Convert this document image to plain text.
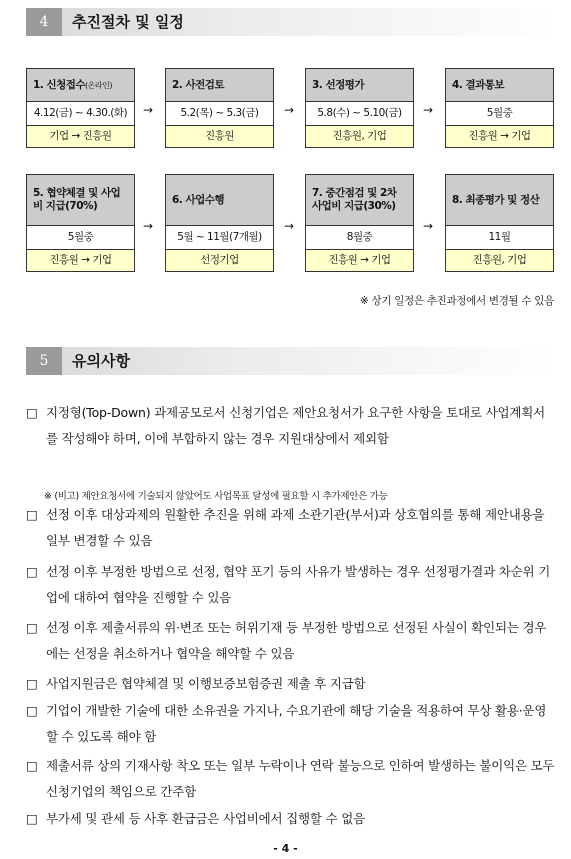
4	추진절차 및 일정
1. 신청접수 (온라인)
4.12(금) ~ 4.30.(화)
기업 → 진흥원
→
2. 사전검토
5.2(목) ~ 5.3(금)
진흥원
→
3. 선정평가
5.8(수) ~ 5.10(금)
진흥원, 기업
→
4. 결과통보
5월중
진흥원 → 기업
5. 협약체결 및 사업비 지급(70%)
5월중
진흥원 → 기업
→
6. 사업수행
5월 ~ 11월(7개월)
선정기업
→
7. 중간점검 및 2차 사업비 지급(30%)
8월중
진흥원 → 기업
→
8. 최종평가 및 정산
11월
진흥원, 기업
※ 상기 일정은 추진과정에서 변경될 수 있음
5	유의사항
□ 지정형(Top-Down) 과제공모로서 신청기업은 제안요청서가 요구한 사항을 토대로 사업계획서를 작성해야 하며, 이에 부합하지 않는 경우 지원대상에서 제외함
※ (비고) 제안요청서에 기술되지 않았어도 사업목표 달성에 필요할 시 추가제안은 가능
□ 선정 이후 대상과제의 원활한 추진을 위해 과제 소관기관(부서)과 상호협의를 통해 제안내용을 일부 변경할 수 있음
□ 선정 이후 부정한 방법으로 선정, 협약 포기 등의 사유가 발생하는 경우 선정평가결과 차순위 기업에 대하여 협약을 진행할 수 있음
□ 선정 이후 제출서류의 위·변조 또는 허위기재 등 부정한 방법으로 선정된 사실이 확인되는 경우에는 선정을 취소하거나 협약을 해약할 수 있음
□ 사업지원금은 협약체결 및 이행보증보험증권 제출 후 지급함
□ 기업이 개발한 기술에 대한 소유권을 가지나, 수요기관에 해당 기술을 적용하여 무상 활용·운영할 수 있도록 해야 함
□ 제출서류 상의 기재사항 착오 또는 일부 누락이나 연락 불능으로 인하여 발생하는 불이익은 모두 신청기업의 책임으로 간주함
□ 부가세 및 관세 등 사후 환급금은 사업비에서 집행할 수 없음
- 4 -
